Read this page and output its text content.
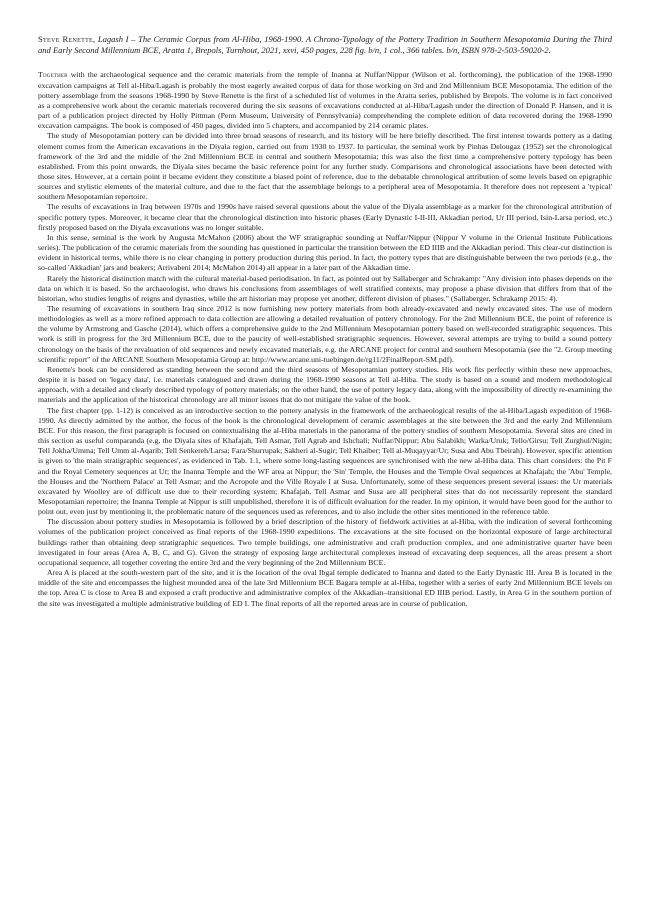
Steve Renette, Lagash I – The Ceramic Corpus from Al-Hiba, 1968-1990. A Chrono-Typology of the Pottery Tradition in Southern Mesopotamia During the Third and Early Second Millennium BCE, Aratta 1, Brepols, Turnhout, 2021, xxvi, 450 pages, 228 fig. b/n, 1 col., 366 tables. b/n, ISBN 978-2-503-59020-2.

Together with the archaeological sequence and the ceramic materials from the temple of Inanna at Nuffar/Nippur (Wilson et al. forthcoming), the publication of the 1968-1990 excavation campaigns at Tell al-Hiba/Lagash is probably the most eagerly awaited corpus of data for those working on 3rd and 2nd Millennium BCE Mesopotamia. The edition of the pottery assemblage from the seasons 1968-1990 by Steve Renette is the first of a scheduled list of volumes in the Aratta series, published by Brepols. The volume is in fact conceived as a comprehensive work about the ceramic materials recovered during the six seasons of excavations conducted at al-Hiba/Lagash under the direction of Donald P. Hansen, and it is part of a publication project directed by Holly Pittman (Penn Museum, University of Pennsylvania) comprehending the complete edition of data recovered during the 1968-1990 excavation campaigns. The book is composed of 450 pages, divided into 5 chapters, and accompanied by 214 ceramic plates.

The study of Mesopotamian pottery can be divided into three broad seasons of research, and its history will be here briefly described. The first interest towards pottery as a dating element comes from the American excavations in the Diyala region, carried out from 1930 to 1937. In particular, the seminal work by Pinhas Delougaz (1952) set the chronological framework of the 3rd and the middle of the 2nd Millennium BCE in central and southern Mesopotamia; this was also the first time a comprehensive pottery typology has been established. From this point onwards, the Diyala sites became the basic reference point for any further study. Comparisons and chronological associations have been detected with those sites. However, at a certain point it became evident they constitute a biased point of reference, due to the debatable chronological attribution of some levels based on epigraphic sources and stylistic elements of the material culture, and due to the fact that the assemblage belongs to a peripheral area of Mesopotamia. It therefore does not represent a 'typical' southern Mesopotamian repertoire.

The results of excavations in Iraq between 1970s and 1990s have raised several questions about the value of the Diyala assemblage as a marker for the chronological attribution of specific pottery types. Moreover, it became clear that the chronological distinction into historic phases (Early Dynastic I-II-III, Akkadian period, Ur III period, Isin-Larsa period, etc.) firstly proposed based on the Diyala excavations was no longer suitable.

In this sense, seminal is the work by Augusta McMahon (2006) about the WF stratigraphic sounding at Nuffar/Nippur (Nippur V volume in the Oriental Institute Publications series). The publication of the ceramic materials from the sounding has questioned in particular the transition between the ED IIIB and the Akkadian period. This clear-cut distinction is evident in historical terms, while there is no clear changing in pottery production during this period. In fact, the pottery types that are distinguishable between the two periods (e.g., the so-called 'Akkadian' jars and beakers; Arrivabeni 2014; McMahon 2014) all appear in a later part of the Akkadian time.

Rarely the historical distinction match with the cultural material-based periodisation. In fact, as pointed out by Sallaberger and Schrakamp: "Any division into phases depends on the data on which it is based. So the archaeologist, who draws his conclusions from assemblages of well stratified contexts, may propose a phase division that differs from that of the historian, who studies lengths of reigns and dynasties, while the art historian may propose yet another, different division of phases." (Sallaberger, Schrakamp 2015: 4).

The resuming of excavations in southern Iraq since 2012 is now furnishing new pottery materials from both already-excavated and newly excavated sites. The use of modern methodologies as well as a more refined approach to data collection are allowing a detailed revaluation of pottery chronology. For the 2nd Millennium BCE, the point of reference is the volume by Armstrong and Gasche (2014), which offers a comprehensive guide to the 2nd Millennium Mesopotamian pottery based on well-recorded stratigraphic sequences. This work is still in progress for the 3rd Millennium BCE, due to the paucity of well-established stratigraphic sequences. However, several attempts are trying to build a sound pottery chronology on the basis of the revaluation of old sequences and newly excavated materials, e.g. the ARCANE project for central and southern Mesopotamia (see the "2. Group meeting scientific report" of the ARCANE Southern Mesopotamia Group at: http://www.arcane.uni-tuebingen.de/rg11/2FinalReport-SM.pdf).

Renette's book can be considered as standing between the second and the third seasons of Mesopotamian pottery studies. His work fits perfectly within these new approaches, despite it is based on 'legacy data', i.e. materials catalogued and drawn during the 1968-1990 seasons at Tell al-Hiba. The study is based on a sound and modern methodological approach, with a detailed and clearly described typology of pottery materials; on the other hand, the use of pottery legacy data, along with the impossibility of directly re-examining the materials and the application of the historical chronology are all minor issues that do not mitigate the value of the book.

The first chapter (pp. 1-12) is conceived as an introductive section to the pottery analysis in the framework of the archaeological results of the al-Hiba/Lagash expedition of 1968-1990. As directly admitted by the author, the focus of the book is the chronological development of ceramic assemblages at the site between the 3rd and the early 2nd Millennium BCE. For this reason, the first paragraph is focused on contextualising the al-Hiba materials in the panorama of the pottery studies of southern Mesopotamia. Several sites are cited in this section as useful comparanda (e.g, the Diyala sites of Khafajah, Tell Asmar, Tell Agrab and Ishchali; Nuffar/Nippur; Abu Salabikh; Warka/Uruk; Tello/Girsu; Tell Zurghul/Nigin; Tell Jokha/Umma; Tell Umm al-Aqarib; Tell Senkereh/Larsa; Fara/Shurrupak; Sakheri al-Sugir; Tell Khaiber; Tell al-Muqayyar/Ur; Susa and Abu Tbeirah). However, specific attention is given to 'the main stratigraphic sequences', as evidenced in Tab. 1.1, where some long-lasting sequences are synchronised with the new al-Hiba data. This chart considers: the Pit F and the Royal Cemetery sequences at Ur; the Inanna Temple and the WF area at Nippur; the 'Sin' Temple, the Houses and the Temple Oval sequences at Khafajah; the 'Abu' Temple, the Houses and the 'Northern Palace' at Tell Asmar; and the Acropole and the Ville Royale I at Susa. Unfortunately, some of these sequences present several issues: the Ur materials excavated by Woolley are of difficult use due to their recording system; Khafajah, Tell Asmar and Susa are all peripheral sites that do not necessarily represent the standard Mesopotamian repertoire; the Inanna Temple at Nippur is still unpublished, therefore it is of difficult evaluation for the reader. In my opinion, it would have been good for the author to point out, even just by mentioning it, the problematic nature of the sequences used as references, and to also include the other sites mentioned in the reference table.

The discussion about pottery studies in Mesopotamia is followed by a brief description of the history of fieldwork activities at al-Hiba, with the indication of several forthcoming volumes of the publication project conceived as final reports of the 1968-1990 expeditions. The excavations at the site focused on the horizontal exposure of large architectural buildings rather than obtaining deep stratigraphic sequences. Two temple buildings, one administrative and craft production complex, and one administrative quarter have been investigated in four areas (Area A, B, C, and G). Given the strategy of exposing large architectural complexes instead of excavating deep sequences, all the areas present a short occupational sequence, all together covering the entire 3rd and the very beginning of the 2nd Millennium BCE.

Area A is placed at the south-western part of the site, and it is the location of the oval Ibgal temple dedicated to Inanna and dated to the Early Dynastic III. Area B is located in the middle of the site and encompasses the highest mounded area of the late 3rd Millennium BCE Bagara temple at al-Hiba, together with a series of early 2nd Millennium BCE levels on the top. Area C is close to Area B and exposed a craft productive and administrative complex of the Akkadian–transitional ED IIIB period. Lastly, in Area G in the southern portion of the site was investigated a multiple administrative building of ED I. The final reports of all the reported areas are in course of publication.
